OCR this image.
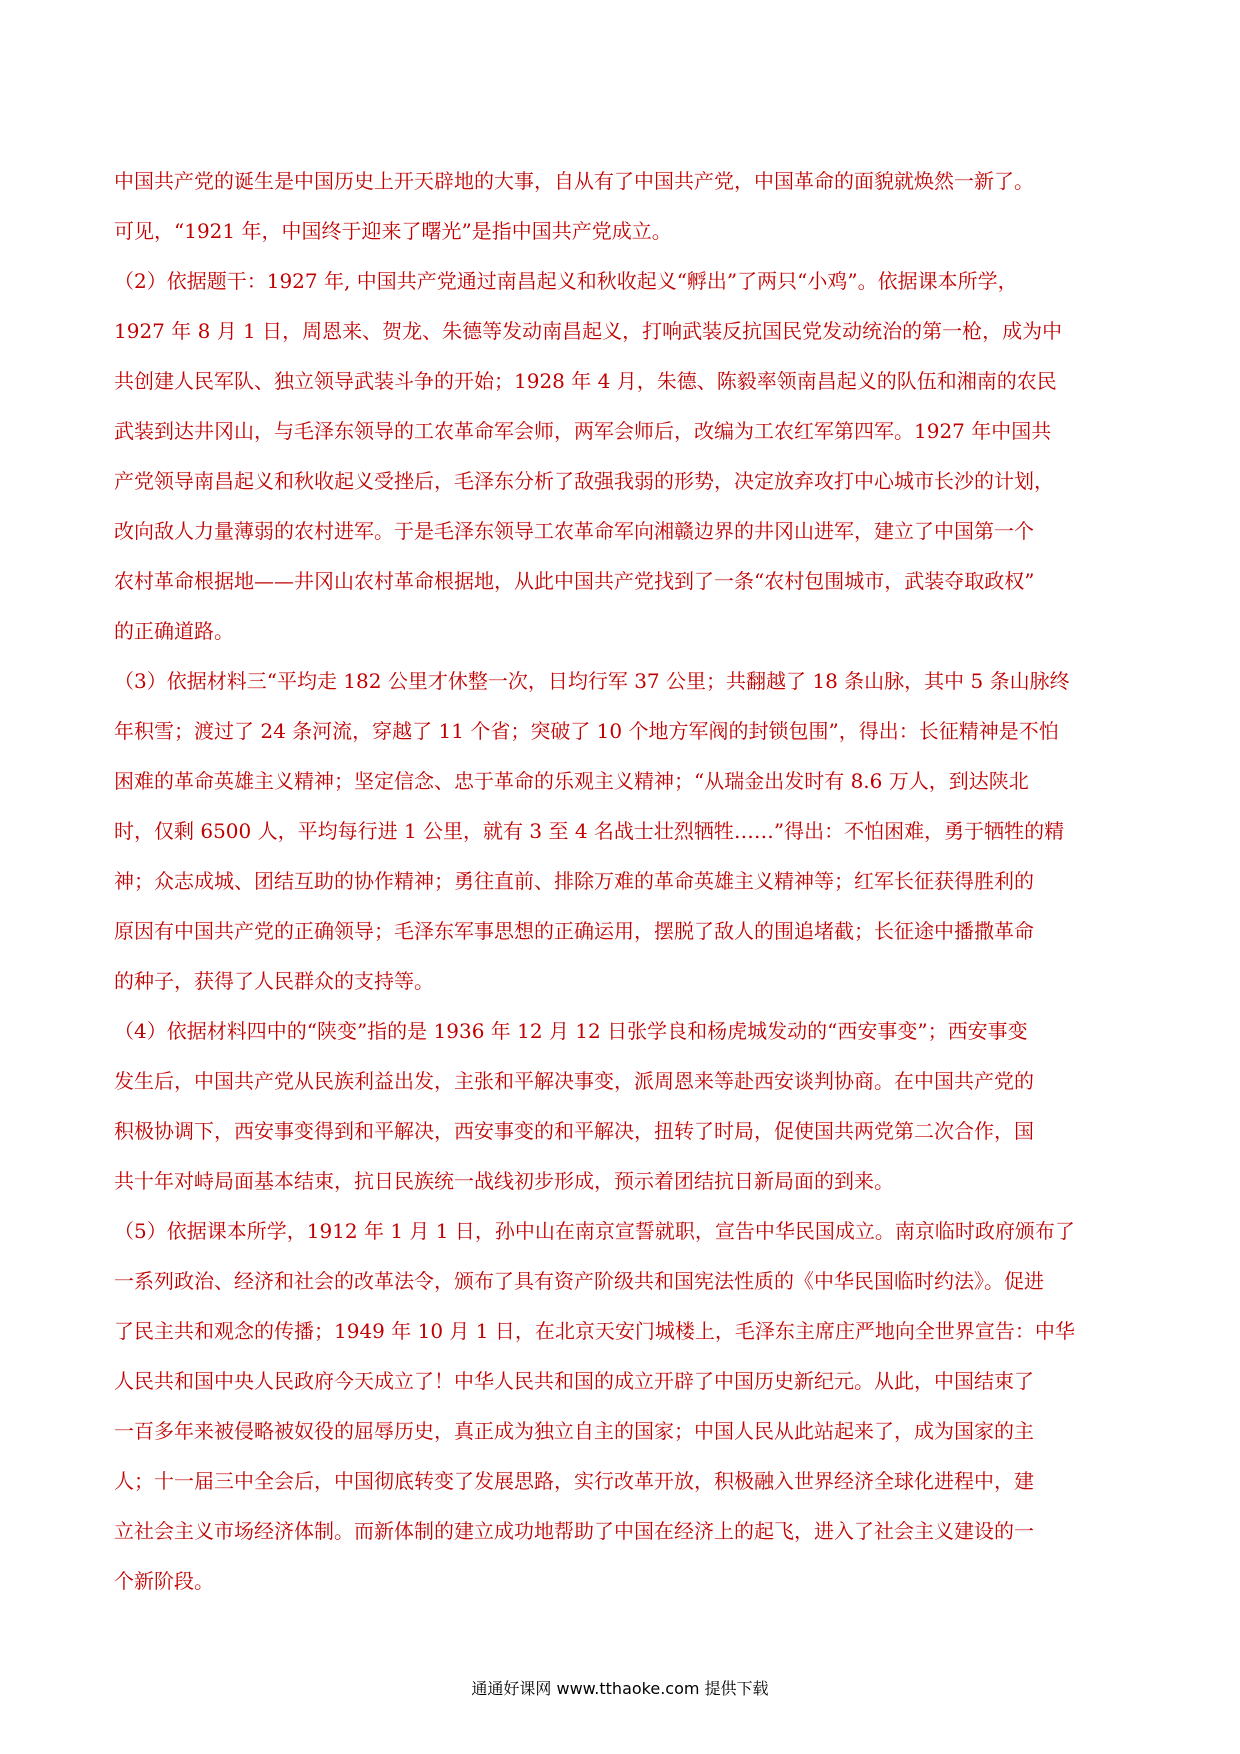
中国共产党的诞生是中国历史上开天辟地的大事，自从有了中国共产党，中国革命的面貌就焕然一新了。
可见，“1921 年，中国终于迎来了曙光”是指中国共产党成立。
（2）依据题干：1927 年, 中国共产党通过南昌起义和秋收起义“孵出”了两只“小鸡”。依据课本所学，
1927 年 8 月 1 日，周恩来、贺龙、朱德等发动南昌起义，打响武装反抗国民党发动统治的第一枪，成为中
共创建人民军队、独立领导武装斗争的开始；1928 年 4 月，朱德、陈毅率领南昌起义的队伍和湘南的农民
武装到达井冈山，与毛泽东领导的工农革命军会师，两军会师后，改编为工农红军第四军。1927 年中国共
产党领导南昌起义和秋收起义受挫后，毛泽东分析了敌强我弱的形势，决定放弃攻打中心城市长沙的计划，
改向敌人力量薄弱的农村进军。于是毛泽东领导工农革命军向湘赣边界的井冈山进军，建立了中国第一个
农村革命根据地——井冈山农村革命根据地，从此中国共产党找到了一条“农村包围城市，武装夺取政权”
的正确道路。
（3）依据材料三“平均走 182 公里才休整一次，日均行军 37 公里；共翻越了 18 条山脉，其中 5 条山脉终
年积雪；渡过了 24 条河流，穿越了 11 个省；突破了 10 个地方军阀的封锁包围”，得出：长征精神是不怕
困难的革命英雄主义精神；坚定信念、忠于革命的乐观主义精神；“从瑞金出发时有 8.6 万人，到达陕北
时，仅剩 6500 人，平均每行进 1 公里，就有 3 至 4 名战士壮烈牺牲……”得出：不怕困难，勇于牺牲的精
神；众志成城、团结互助的协作精神；勇往直前、排除万难的革命英雄主义精神等；红军长征获得胜利的
原因有中国共产党的正确领导；毛泽东军事思想的正确运用，摆脱了敌人的围追堵截；长征途中播撒革命
的种子，获得了人民群众的支持等。
（4）依据材料四中的“陕变”指的是 1936 年 12 月 12 日张学良和杨虎城发动的“西安事变”；西安事变
发生后，中国共产党从民族利益出发，主张和平解决事变，派周恩来等赴西安谈判协商。在中国共产党的
积极协调下，西安事变得到和平解决，西安事变的和平解决，扭转了时局，促使国共两党第二次合作，国
共十年对峙局面基本结束，抗日民族统一战线初步形成，预示着团结抗日新局面的到来。
（5）依据课本所学，1912 年 1 月 1 日，孙中山在南京宣誓就职，宣告中华民国成立。南京临时政府颁布了
一系列政治、经济和社会的改革法令，颁布了具有资产阶级共和国宪法性质的《中华民国临时约法》。促进
了民主共和观念的传播；1949 年 10 月 1 日，在北京天安门城楼上，毛泽东主席庄严地向全世界宣告：中华
人民共和国中央人民政府今天成立了！中华人民共和国的成立开辟了中国历史新纪元。从此，中国结束了
一百多年来被侵略被奴役的屈辱历史，真正成为独立自主的国家；中国人民从此站起来了，成为国家的主
人；十一届三中全会后，中国彻底转变了发展思路，实行改革开放，积极融入世界经济全球化进程中，建
立社会主义市场经济体制。而新体制的建立成功地帮助了中国在经济上的起飞，进入了社会主义建设的一
个新阶段。
通通好课网 www.tthaoke.com 提供下载
